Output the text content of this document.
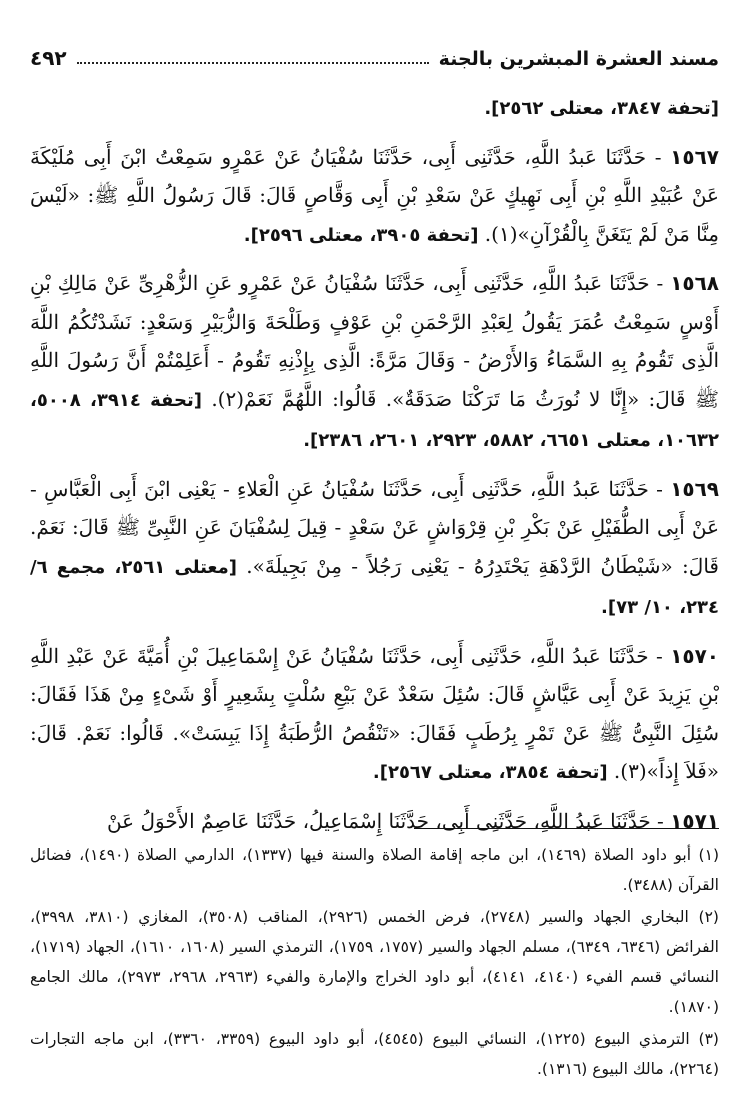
مسند العشرة المبشرين بالجنة
٤٩٢

[تحفة ٣٨٤٧، معتلى ٢٥٦٢].

١٥٦٧ - حَدَّثَنَا عَبدُ اللَّهِ، حَدَّثَنِى أَبِى، حَدَّثَنَا سُفْيَانُ عَنْ عَمْرٍو سَمِعْتُ ابْنَ أَبِى مُلَيْكَةَ عَنْ عُبَيْدِ اللَّهِ بْنِ أَبِى نَهِيكٍ عَنْ سَعْدِ بْنِ أَبِى وَقَّاصٍ قَالَ: قَالَ رَسُولُ اللَّهِ ﷺ: «لَيْسَ مِنَّا مَنْ لَمْ يَتَغَنَّ بِالْقُرْآنِ»(١). [تحفة ٣٩٠٥، معتلى ٢٥٩٦].

١٥٦٨ - حَدَّثَنَا عَبدُ اللَّهِ، حَدَّثَنِى أَبِى، حَدَّثَنَا سُفْيَانُ عَنْ عَمْرٍو عَنِ الزُّهْرِىِّ عَنْ مَالِكِ بْنِ أَوْسٍ سَمِعْتُ عُمَرَ يَقُولُ لِعَبْدِ الرَّحْمَنِ بْنِ عَوْفٍ وَطَلْحَةَ وَالزُّبَيْرِ وَسَعْدٍ: نَشَدْتُكُمُ اللَّهَ الَّذِى تَقُومُ بِهِ السَّمَاءُ وَالأَرْضُ - وَقَالَ مَرَّةً: الَّذِى بِإِذْنِهِ تَقُومُ - أَعَلِمْتُمْ أَنَّ رَسُولَ اللَّهِ ﷺ قَالَ: «إِنَّا لا نُورَثُ مَا تَرَكْنَا صَدَقَةٌ». قَالُوا: اللَّهُمَّ نَعَمْ(٢). [تحفة ٣٩١٤، ٥٠٠٨، ١٠٦٣٢، معتلى ٦٦٥١، ٥٨٨٢، ٢٩٢٣، ٢٦٠١، ٢٣٨٦].

١٥٦٩ - حَدَّثَنَا عَبدُ اللَّهِ، حَدَّثَنِى أَبِى، حَدَّثَنَا سُفْيَانُ عَنِ الْعَلاءِ - يَعْنِى ابْنَ أَبِى الْعَبَّاسِ - عَنْ أَبِى الطُّفَيْلِ عَنْ بَكْرِ بْنِ قِرْوَاشٍ عَنْ سَعْدٍ - قِيلَ لِسُفْيَانَ عَنِ النَّبِىِّ ﷺ قَالَ: نَعَمْ. قَالَ: «شَيْطَانُ الرَّدْهَةِ يَحْتَدِرُهُ - يَعْنِى رَجُلاً - مِنْ بَجِيلَةَ». [معتلى ٢٥٦١، مجمع ٦/ ٢٣٤، ١٠/ ٧٣].

١٥٧٠ - حَدَّثَنَا عَبدُ اللَّهِ، حَدَّثَنِى أَبِى، حَدَّثَنَا سُفْيَانُ عَنْ إِسْمَاعِيلَ بْنِ أُمَيَّةَ عَنْ عَبْدِ اللَّهِ بْنِ يَزِيدَ عَنْ أَبِى عَيَّاشٍ قَالَ: سُئِلَ سَعْدٌ عَنْ بَيْعِ سُلْتٍ بِشَعِيرٍ أَوْ شَىْءٍ مِنْ هَذَا فَقَالَ: سُئِلَ النَّبِىُّ ﷺ عَنْ تَمْرٍ بِرُطَبٍ فَقَالَ: «تَنْقُصُ الرُّطَبَةُ إِذَا يَبِسَتْ». قَالُوا: نَعَمْ. قَالَ: «فَلاَ إِذاً»(٣). [تحفة ٣٨٥٤، معتلى ٢٥٦٧].

١٥٧١ - حَدَّثَنَا عَبدُ اللَّهِ، حَدَّثَنِى أَبِى، حَدَّثَنَا إِسْمَاعِيلُ، حَدَّثَنَا عَاصِمٌ الأَحْوَلُ عَنْ

(١) أبو داود الصلاة (١٤٦٩)، ابن ماجه إقامة الصلاة والسنة فيها (١٣٣٧)، الدارمي الصلاة (١٤٩٠)، فضائل القرآن (٣٤٨٨).

(٢) البخاري الجهاد والسير (٢٧٤٨)، فرض الخمس (٢٩٢٦)، المناقب (٣٥٠٨)، المغازي (٣٨١٠، ٣٩٩٨)، الفرائض (٦٣٤٦، ٦٣٤٩)، مسلم الجهاد والسير (١٧٥٧، ١٧٥٩)، الترمذي السير (١٦٠٨، ١٦١٠)، الجهاد (١٧١٩)، النسائي قسم الفيء (٤١٤٠، ٤١٤١)، أبو داود الخراج والإمارة والفيء (٢٩٦٣، ٢٩٦٨، ٢٩٧٣)، مالك الجامع (١٨٧٠).

(٣) الترمذي البيوع (١٢٢٥)، النسائي البيوع (٤٥٤٥)، أبو داود البيوع (٣٣٥٩، ٣٣٦٠)، ابن ماجه التجارات (٢٢٦٤)، مالك البيوع (١٣١٦).
